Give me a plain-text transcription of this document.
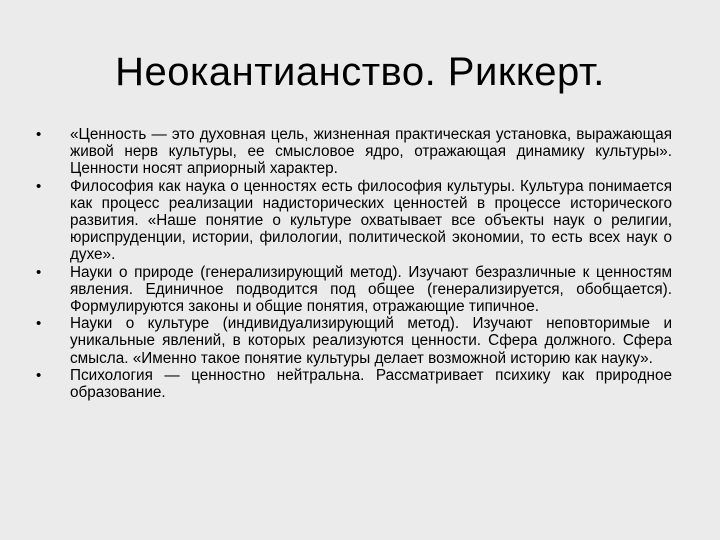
Неокантианство. Риккерт.
•	«Ценность — это духовная цель, жизненная практическая установка, выражающая живой нерв культуры, ее смысловое ядро, отражающая динамику культуры». Ценности носят априорный характер.
•	Философия как наука о ценностях есть философия культуры. Культура понимается как процесс реализации надисторических ценностей в процессе исторического развития. «Наше понятие о культуре охватывает все объекты наук о религии, юриспруденции, истории, филологии, политической экономии, то есть всех наук о духе».
•	Науки о природе (генерализирующий метод). Изучают безразличные к ценностям явления. Единичное подводится под общее (генерализируется, обобщается). Формулируются законы и общие понятия, отражающие типичное.
•	Науки о культуре (индивидуализирующий метод). Изучают неповторимые и уникальные явлений, в которых реализуются ценности. Сфера должного. Сфера смысла. «Именно такое понятие культуры делает возможной историю как науку».
•	Психология — ценностно нейтральна. Рассматривает психику как природное образование.
